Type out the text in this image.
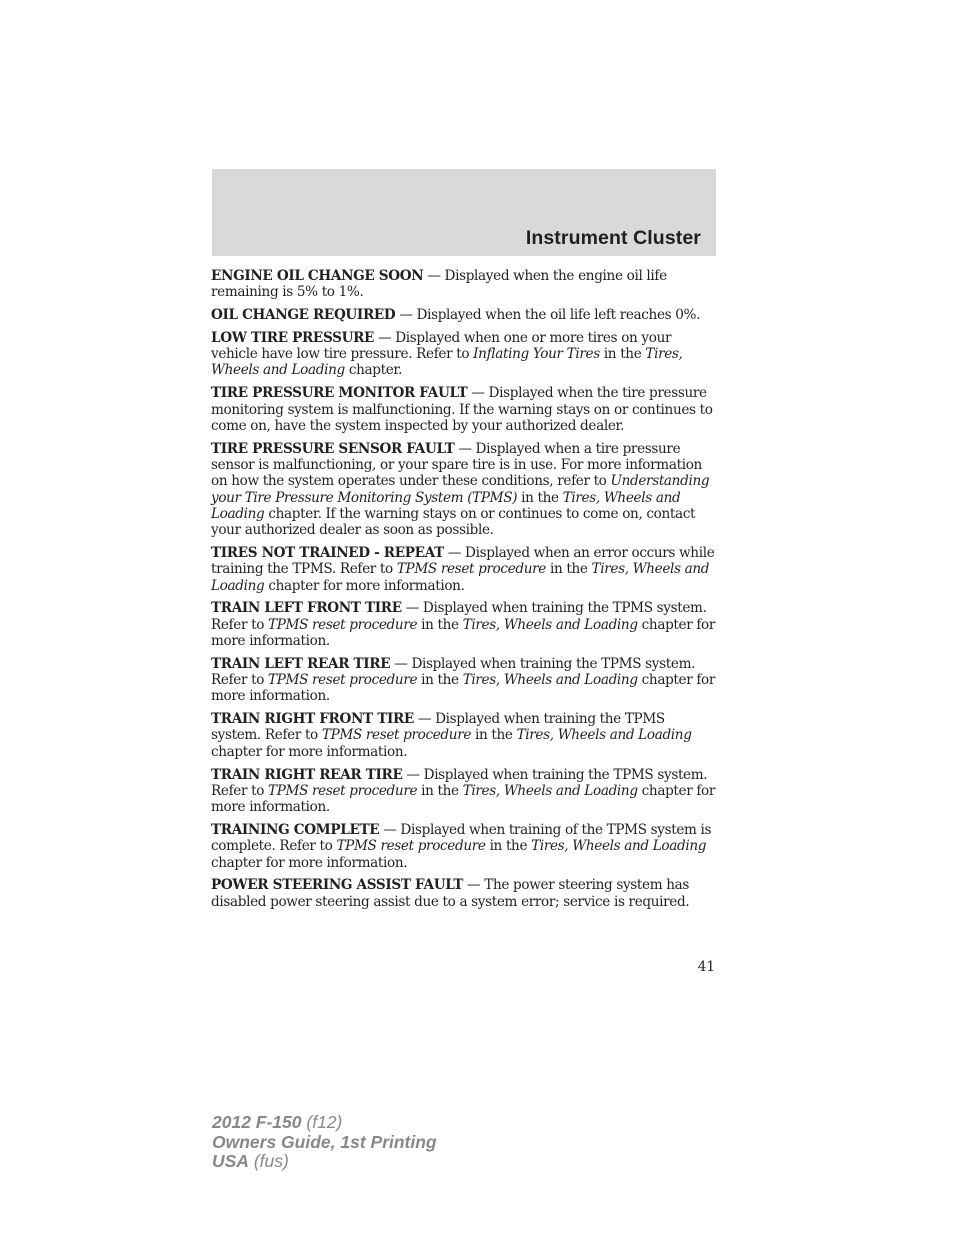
Instrument Cluster

ENGINE OIL CHANGE SOON — Displayed when the engine oil life remaining is 5% to 1%.

OIL CHANGE REQUIRED — Displayed when the oil life left reaches 0%.

LOW TIRE PRESSURE — Displayed when one or more tires on your vehicle have low tire pressure. Refer to Inflating Your Tires in the Tires, Wheels and Loading chapter.

TIRE PRESSURE MONITOR FAULT — Displayed when the tire pressure monitoring system is malfunctioning. If the warning stays on or continues to come on, have the system inspected by your authorized dealer.

TIRE PRESSURE SENSOR FAULT — Displayed when a tire pressure sensor is malfunctioning, or your spare tire is in use. For more information on how the system operates under these conditions, refer to Understanding your Tire Pressure Monitoring System (TPMS) in the Tires, Wheels and Loading chapter. If the warning stays on or continues to come on, contact your authorized dealer as soon as possible.

TIRES NOT TRAINED - REPEAT — Displayed when an error occurs while training the TPMS. Refer to TPMS reset procedure in the Tires, Wheels and Loading chapter for more information.

TRAIN LEFT FRONT TIRE — Displayed when training the TPMS system. Refer to TPMS reset procedure in the Tires, Wheels and Loading chapter for more information.

TRAIN LEFT REAR TIRE — Displayed when training the TPMS system. Refer to TPMS reset procedure in the Tires, Wheels and Loading chapter for more information.

TRAIN RIGHT FRONT TIRE — Displayed when training the TPMS system. Refer to TPMS reset procedure in the Tires, Wheels and Loading chapter for more information.

TRAIN RIGHT REAR TIRE — Displayed when training the TPMS system. Refer to TPMS reset procedure in the Tires, Wheels and Loading chapter for more information.

TRAINING COMPLETE — Displayed when training of the TPMS system is complete. Refer to TPMS reset procedure in the Tires, Wheels and Loading chapter for more information.

POWER STEERING ASSIST FAULT — The power steering system has disabled power steering assist due to a system error; service is required.

41
2012 F-150 (f12)
Owners Guide, 1st Printing
USA (fus)
